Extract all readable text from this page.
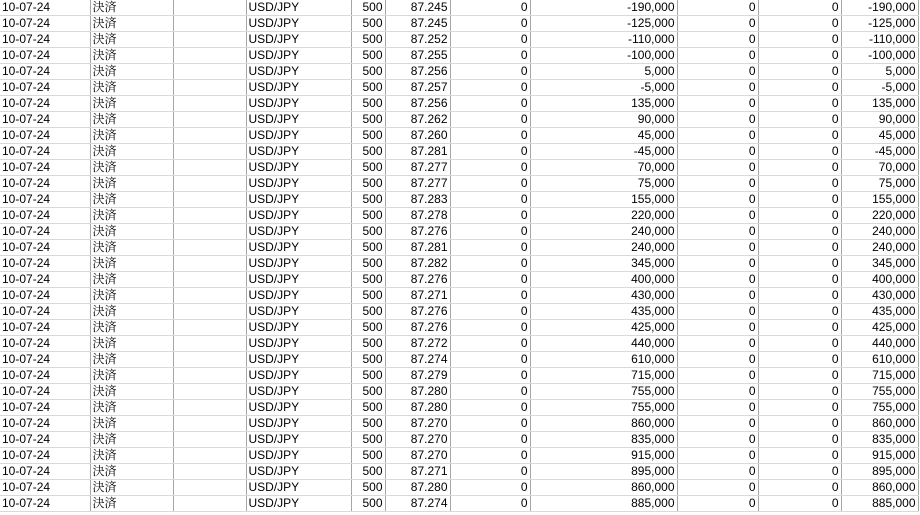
10-07-24	決済		USD/JPY	500	87.245	0	-190,000	0	0	-190,000
10-07-24	決済		USD/JPY	500	87.245	0	-125,000	0	0	-125,000
10-07-24	決済		USD/JPY	500	87.252	0	-110,000	0	0	-110,000
10-07-24	決済		USD/JPY	500	87.255	0	-100,000	0	0	-100,000
10-07-24	決済		USD/JPY	500	87.256	0	5,000	0	0	5,000
10-07-24	決済		USD/JPY	500	87.257	0	-5,000	0	0	-5,000
10-07-24	決済		USD/JPY	500	87.256	0	135,000	0	0	135,000
10-07-24	決済		USD/JPY	500	87.262	0	90,000	0	0	90,000
10-07-24	決済		USD/JPY	500	87.260	0	45,000	0	0	45,000
10-07-24	決済		USD/JPY	500	87.281	0	-45,000	0	0	-45,000
10-07-24	決済		USD/JPY	500	87.277	0	70,000	0	0	70,000
10-07-24	決済		USD/JPY	500	87.277	0	75,000	0	0	75,000
10-07-24	決済		USD/JPY	500	87.283	0	155,000	0	0	155,000
10-07-24	決済		USD/JPY	500	87.278	0	220,000	0	0	220,000
10-07-24	決済		USD/JPY	500	87.276	0	240,000	0	0	240,000
10-07-24	決済		USD/JPY	500	87.281	0	240,000	0	0	240,000
10-07-24	決済		USD/JPY	500	87.282	0	345,000	0	0	345,000
10-07-24	決済		USD/JPY	500	87.276	0	400,000	0	0	400,000
10-07-24	決済		USD/JPY	500	87.271	0	430,000	0	0	430,000
10-07-24	決済		USD/JPY	500	87.276	0	435,000	0	0	435,000
10-07-24	決済		USD/JPY	500	87.276	0	425,000	0	0	425,000
10-07-24	決済		USD/JPY	500	87.272	0	440,000	0	0	440,000
10-07-24	決済		USD/JPY	500	87.274	0	610,000	0	0	610,000
10-07-24	決済		USD/JPY	500	87.279	0	715,000	0	0	715,000
10-07-24	決済		USD/JPY	500	87.280	0	755,000	0	0	755,000
10-07-24	決済		USD/JPY	500	87.280	0	755,000	0	0	755,000
10-07-24	決済		USD/JPY	500	87.270	0	860,000	0	0	860,000
10-07-24	決済		USD/JPY	500	87.270	0	835,000	0	0	835,000
10-07-24	決済		USD/JPY	500	87.270	0	915,000	0	0	915,000
10-07-24	決済		USD/JPY	500	87.271	0	895,000	0	0	895,000
10-07-24	決済		USD/JPY	500	87.280	0	860,000	0	0	860,000
10-07-24	決済		USD/JPY	500	87.274	0	885,000	0	0	885,000
